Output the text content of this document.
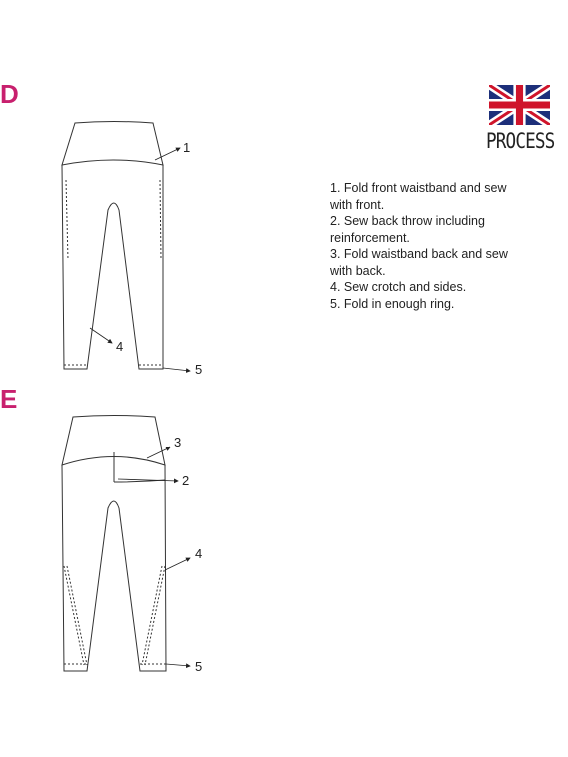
D
E
PROCESS
1. Fold front waistband and sew
with front.
2. Sew back throw including
reinforcement.
3. Fold waistband back and sew
with back.
4. Sew crotch and sides.
5. Fold in enough ring.
1
4
5
3
2
4
5
